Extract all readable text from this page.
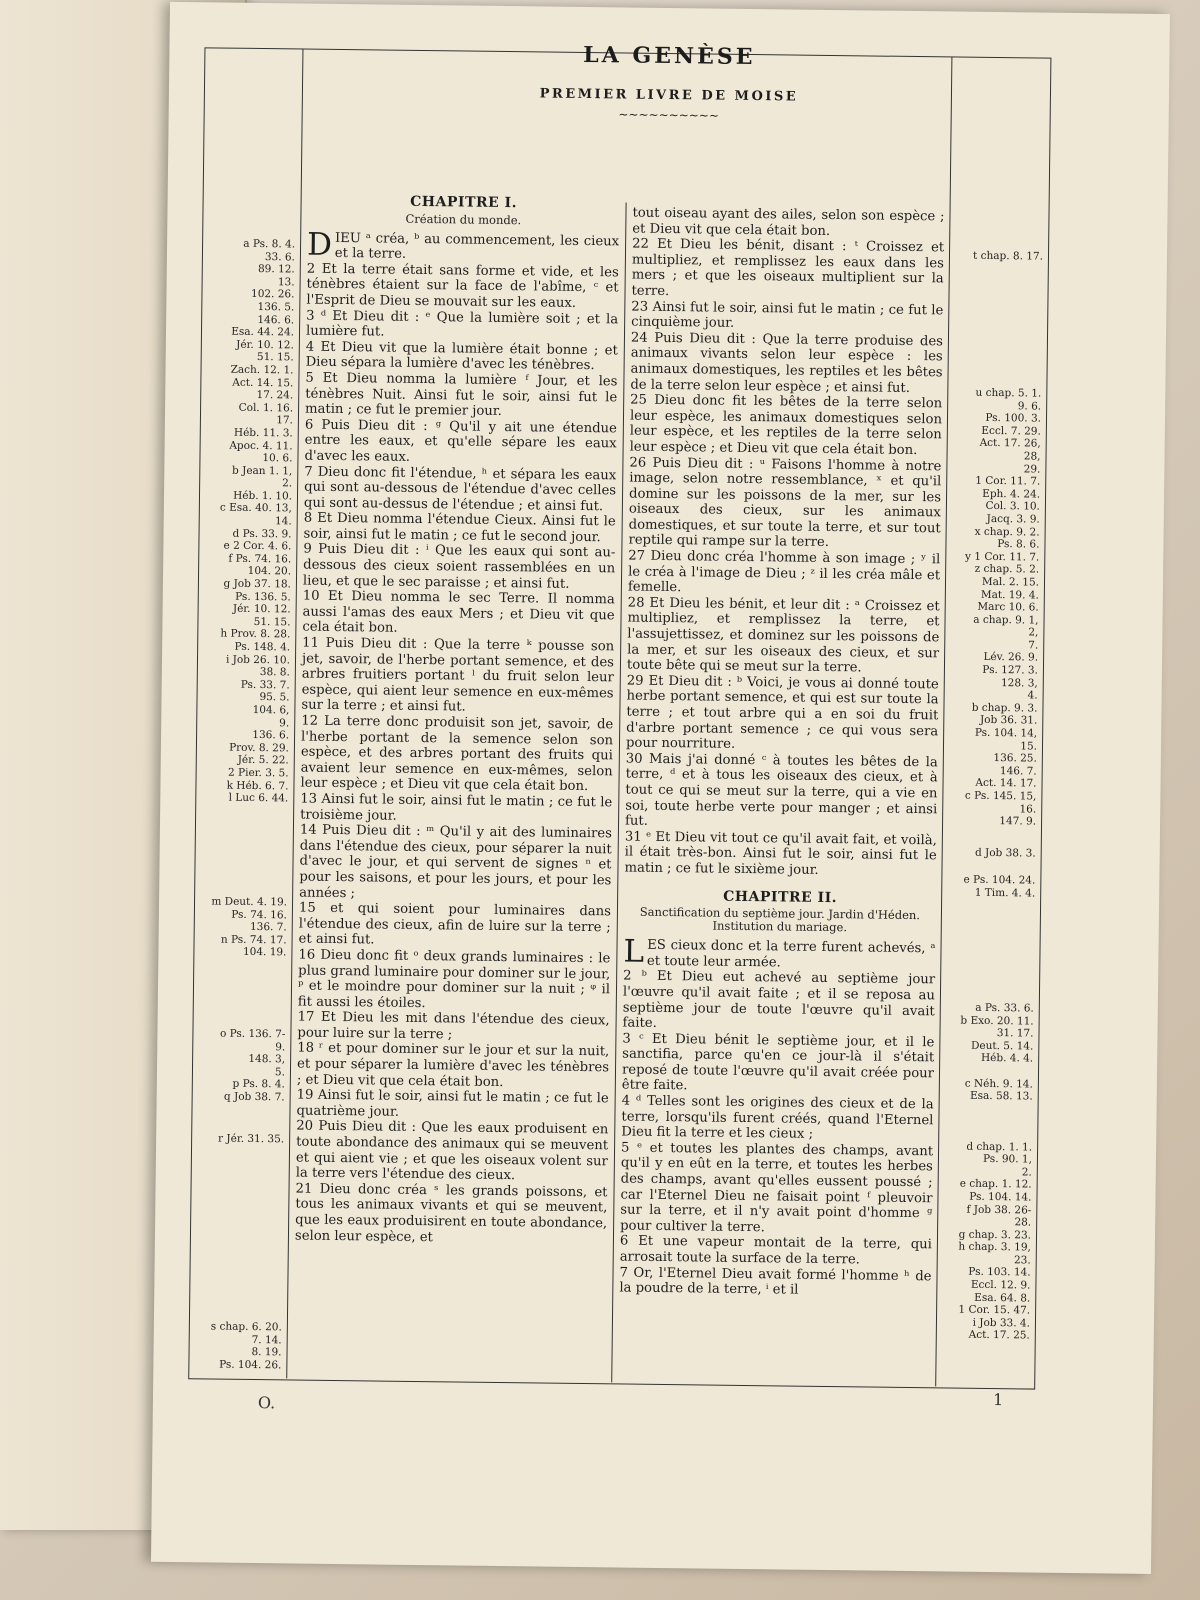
LA GENÈSE
PREMIER LIVRE DE MOISE
~~~~~~~~~~
a Ps. 8. 4.
33. 6.
89. 12.
13.
102. 26.
136. 5.
146. 6.
Esa. 44. 24.
Jér. 10. 12.
51. 15.
Zach. 12. 1.
Act. 14. 15.
17. 24.
Col. 1. 16.
17.
Héb. 11. 3.
Apoc. 4. 11.
10. 6.
b Jean 1. 1,
2.
Héb. 1. 10.
c Esa. 40. 13,
14.
d Ps. 33. 9.
e 2 Cor. 4. 6.
f Ps. 74. 16.
104. 20.
g Job 37. 18.
Ps. 136. 5.
Jér. 10. 12.
51. 15.
h Prov. 8. 28.
Ps. 148. 4.
i Job 26. 10.
38. 8.
Ps. 33. 7.
95. 5.
104. 6,
9.
136. 6.
Prov. 8. 29.
Jér. 5. 22.
2 Pier. 3. 5.
k Héb. 6. 7.
l Luc 6. 44.
m Deut. 4. 19.
Ps. 74. 16.
136. 7.
n Ps. 74. 17.
104. 19.
o Ps. 136. 7-
9.
148. 3,
5.
p Ps. 8. 4.
q Job 38. 7.
r Jér. 31. 35.
s chap. 6. 20.
7. 14.
8. 19.
Ps. 104. 26.
CHAPITRE I.
Création du monde.

DIEU ᵃ créa, ᵇ au commencement, les cieux et la terre.

2 Et la terre était sans forme et vide, et les ténèbres étaient sur la face de l'abîme, ᶜ et l'Esprit de Dieu se mouvait sur les eaux.

3 ᵈ Et Dieu dit : ᵉ Que la lumière soit ; et la lumière fut.

4 Et Dieu vit que la lumière était bonne ; et Dieu sépara la lumière d'avec les ténèbres.

5 Et Dieu nomma la lumière ᶠ Jour, et les ténèbres Nuit. Ainsi fut le soir, ainsi fut le matin ; ce fut le premier jour.

6 Puis Dieu dit : ᵍ Qu'il y ait une étendue entre les eaux, et qu'elle sépare les eaux d'avec les eaux.

7 Dieu donc fit l'étendue, ʰ et sépara les eaux qui sont au-dessous de l'étendue d'avec celles qui sont au-dessus de l'étendue ; et ainsi fut.

8 Et Dieu nomma l'étendue Cieux. Ainsi fut le soir, ainsi fut le matin ; ce fut le second jour.

9 Puis Dieu dit : ⁱ Que les eaux qui sont au-dessous des cieux soient rassemblées en un lieu, et que le sec paraisse ; et ainsi fut.

10 Et Dieu nomma le sec Terre. Il nomma aussi l'amas des eaux Mers ; et Dieu vit que cela était bon.

11 Puis Dieu dit : Que la terre ᵏ pousse son jet, savoir, de l'herbe portant semence, et des arbres fruitiers portant ˡ du fruit selon leur espèce, qui aient leur semence en eux-mêmes sur la terre ; et ainsi fut.

12 La terre donc produisit son jet, savoir, de l'herbe portant de la semence selon son espèce, et des arbres portant des fruits qui avaient leur semence en eux-mêmes, selon leur espèce ; et Dieu vit que cela était bon.

13 Ainsi fut le soir, ainsi fut le matin ; ce fut le troisième jour.

14 Puis Dieu dit : ᵐ Qu'il y ait des luminaires dans l'étendue des cieux, pour séparer la nuit d'avec le jour, et qui servent de signes ⁿ et pour les saisons, et pour les jours, et pour les années ;

15 et qui soient pour luminaires dans l'étendue des cieux, afin de luire sur la terre ; et ainsi fut.

16 Dieu donc fit ᵒ deux grands luminaires : le plus grand luminaire pour dominer sur le jour, ᵖ et le moindre pour dominer sur la nuit ; ᵠ il fit aussi les étoiles.

17 Et Dieu les mit dans l'étendue des cieux, pour luire sur la terre ;

18 ʳ et pour dominer sur le jour et sur la nuit, et pour séparer la lumière d'avec les ténèbres ; et Dieu vit que cela était bon.

19 Ainsi fut le soir, ainsi fut le matin ; ce fut le quatrième jour.

20 Puis Dieu dit : Que les eaux produisent en toute abondance des animaux qui se meuvent et qui aient vie ; et que les oiseaux volent sur la terre vers l'étendue des cieux.

21 Dieu donc créa ˢ les grands poissons, et tous les animaux vivants et qui se meuvent, que les eaux produisirent en toute abondance, selon leur espèce, et

tout oiseau ayant des ailes, selon son espèce ; et Dieu vit que cela était bon.

22 Et Dieu les bénit, disant : ᵗ Croissez et multipliez, et remplissez les eaux dans les mers ; et que les oiseaux multiplient sur la terre.

23 Ainsi fut le soir, ainsi fut le matin ; ce fut le cinquième jour.

24 Puis Dieu dit : Que la terre produise des animaux vivants selon leur espèce : les animaux domestiques, les reptiles et les bêtes de la terre selon leur espèce ; et ainsi fut.

25 Dieu donc fit les bêtes de la terre selon leur espèce, les animaux domestiques selon leur espèce, et les reptiles de la terre selon leur espèce ; et Dieu vit que cela était bon.

26 Puis Dieu dit : ᵘ Faisons l'homme à notre image, selon notre ressemblance, ˣ et qu'il domine sur les poissons de la mer, sur les oiseaux des cieux, sur les animaux domestiques, et sur toute la terre, et sur tout reptile qui rampe sur la terre.

27 Dieu donc créa l'homme à son image ; ʸ il le créa à l'image de Dieu ; ᶻ il les créa mâle et femelle.

28 Et Dieu les bénit, et leur dit : ᵃ Croissez et multipliez, et remplissez la terre, et l'assujettissez, et dominez sur les poissons de la mer, et sur les oiseaux des cieux, et sur toute bête qui se meut sur la terre.

29 Et Dieu dit : ᵇ Voici, je vous ai donné toute herbe portant semence, et qui est sur toute la terre ; et tout arbre qui a en soi du fruit d'arbre portant semence ; ce qui vous sera pour nourriture.

30 Mais j'ai donné ᶜ à toutes les bêtes de la terre, ᵈ et à tous les oiseaux des cieux, et à tout ce qui se meut sur la terre, qui a vie en soi, toute herbe verte pour manger ; et ainsi fut.

31 ᵉ Et Dieu vit tout ce qu'il avait fait, et voilà, il était très-bon. Ainsi fut le soir, ainsi fut le matin ; ce fut le sixième jour.

CHAPITRE II.
Sanctification du septième jour. Jardin d'Héden. Institution du mariage.

LES cieux donc et la terre furent achevés, ᵃ et toute leur armée.

2 ᵇ Et Dieu eut achevé au septième jour l'œuvre qu'il avait faite ; et il se reposa au septième jour de toute l'œuvre qu'il avait faite.

3 ᶜ Et Dieu bénit le septième jour, et il le sanctifia, parce qu'en ce jour-là il s'était reposé de toute l'œuvre qu'il avait créée pour être faite.

4 ᵈ Telles sont les origines des cieux et de la terre, lorsqu'ils furent créés, quand l'Eternel Dieu fit la terre et les cieux ;

5 ᵉ et toutes les plantes des champs, avant qu'il y en eût en la terre, et toutes les herbes des champs, avant qu'elles eussent poussé ; car l'Eternel Dieu ne faisait point ᶠ pleuvoir sur la terre, et il n'y avait point d'homme ᵍ pour cultiver la terre.

6 Et une vapeur montait de la terre, qui arrosait toute la surface de la terre.

7 Or, l'Eternel Dieu avait formé l'homme ʰ de la poudre de la terre, ⁱ et il

t chap. 8. 17.
u chap. 5. 1.
9. 6.
Ps. 100. 3.
Eccl. 7. 29.
Act. 17. 26,
28,
29.
1 Cor. 11. 7.
Eph. 4. 24.
Col. 3. 10.
Jacq. 3. 9.
x chap. 9. 2.
Ps. 8. 6.
y 1 Cor. 11. 7.
z chap. 5. 2.
Mal. 2. 15.
Mat. 19. 4.
Marc 10. 6.
a chap. 9. 1,
2,
7.
Lév. 26. 9.
Ps. 127. 3.
128. 3,
4.
b chap. 9. 3.
Job 36. 31.
Ps. 104. 14,
15.
136. 25.
146. 7.
Act. 14. 17.
c Ps. 145. 15,
16.
147. 9.
d Job 38. 3.
e Ps. 104. 24.
1 Tim. 4. 4.
a Ps. 33. 6.
b Exo. 20. 11.
31. 17.
Deut. 5. 14.
Héb. 4. 4.

c Néh. 9. 14.
Esa. 58. 13.

d chap. 1. 1.
Ps. 90. 1,
2.
e chap. 1. 12.
Ps. 104. 14.
f Job 38. 26-
28.
g chap. 3. 23.
h chap. 3. 19,
23.
Ps. 103. 14.
Eccl. 12. 9.
Esa. 64. 8.
1 Cor. 15. 47.
i Job 33. 4.
Act. 17. 25.
O.	1
